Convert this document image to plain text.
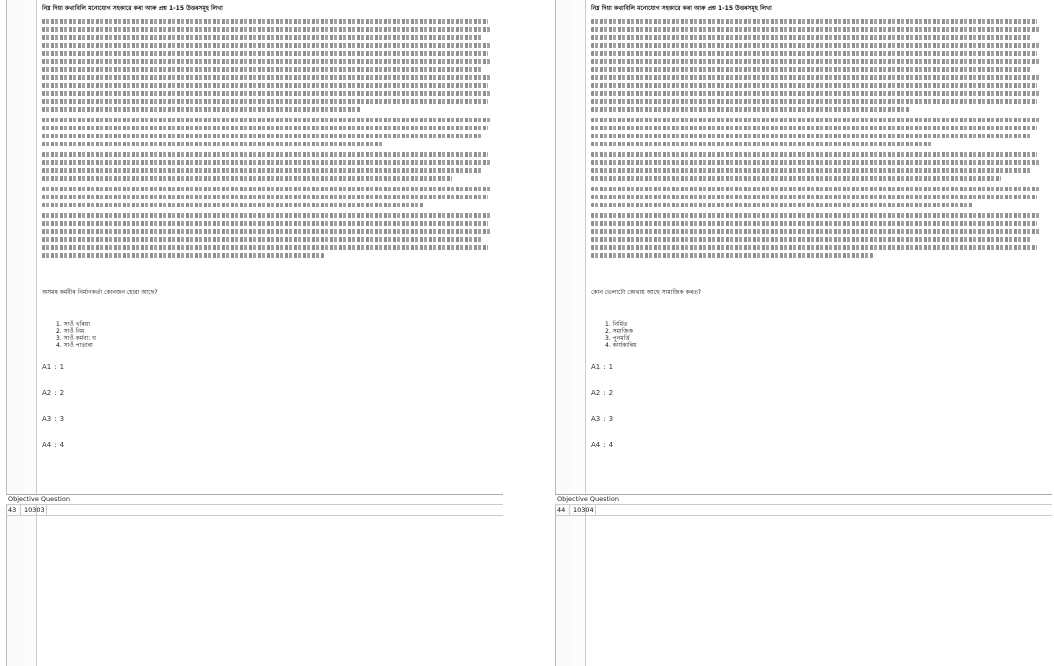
নিম্ন দিয়া কথাবিলি মনোযোগ সহকারে কৰা আৰু প্ৰশ্ন 1-15 উত্তৰসমূহ লিখা
অসমৰ কৰ্মবীৰ নিৰ্মাণকৰ্তা কোনজন হোৱা আছে?
1. সাওঁ খৰিয়া
2. সাওঁ নিম
3. সাওঁ কৰ্মবা: ঘ
4. সাওঁ পাতাৰা
A1 : 1
A2 : 2
A3 : 3
A4 : 4
Objective Question
43	10303
নিম্ন দিয়া কথাবিলি মনোযোগ সহকারে কৰা আৰু প্ৰশ্ন 1-15 উত্তৰসমূহ লিখা
কোন ভেলাটো কোথায় আছে সামাজিক কৰত?
1. নিৰ্মিত
2. সমাজিক
3. পুনমৰ্ত্তি
4. কাৰ্যকাৰিয়
A1 : 1
A2 : 2
A3 : 3
A4 : 4
Objective Question
44	10304
